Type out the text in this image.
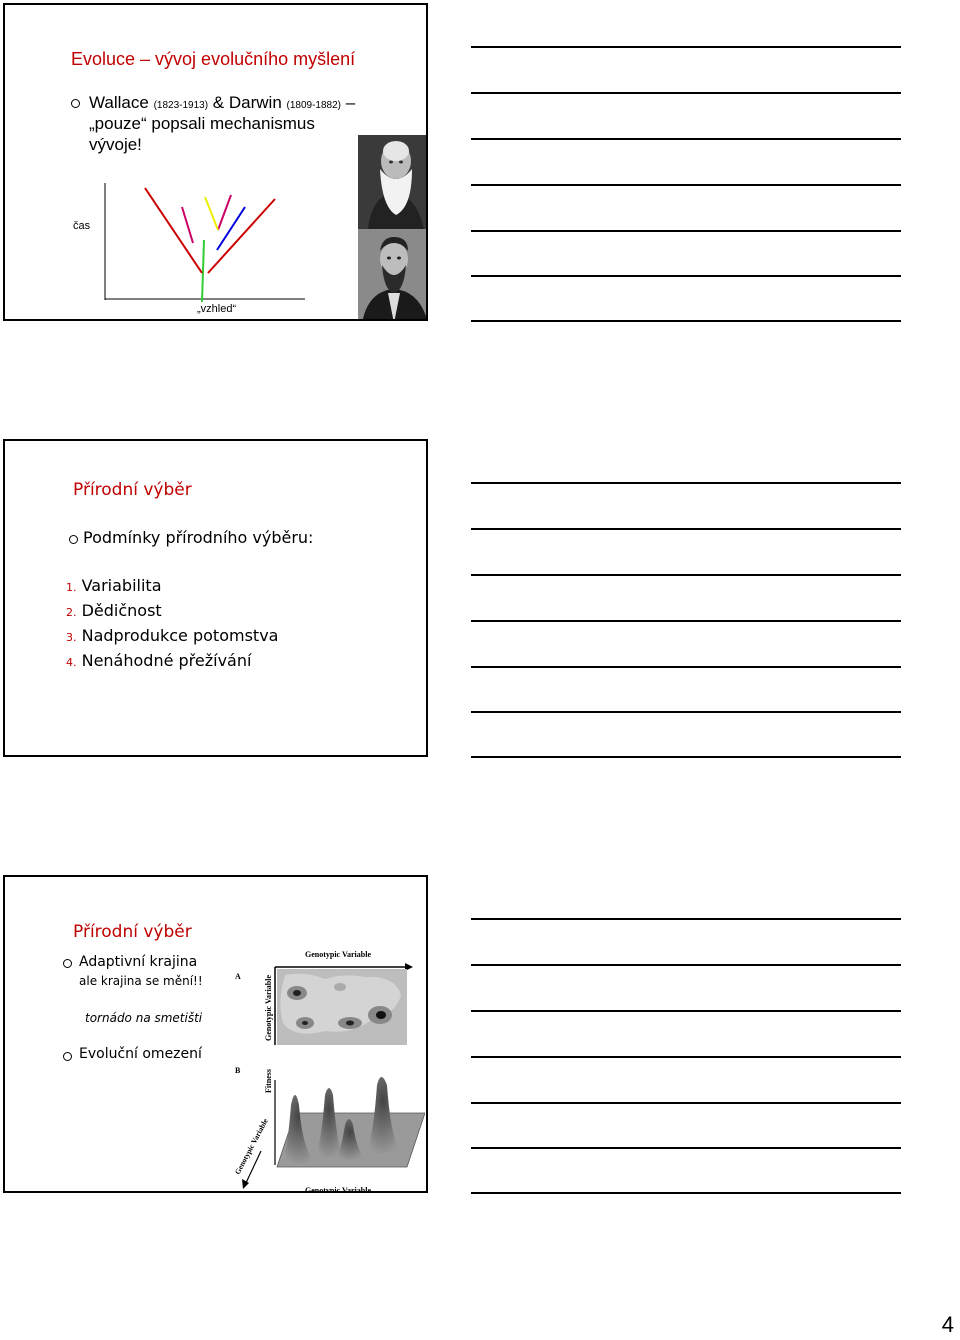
Evoluce – vývoj evolučního myšlení
Wallace (1823-1913) & Darwin (1809-1882) –
„pouze“ popsali mechanismus
vývoje!
čas
„vzhled“
Přírodní výběr
Podmínky přírodního výběru:
1. Variabilita
2. Dědičnost
3. Nadprodukce potomstva
4. Nenáhodné přežívání
Přírodní výběr
Adaptivní krajina
ale krajina se mění!!
tornádo na smetišti
Evoluční omezení
Genotypic Variable
A	Genotypic Variable
B	Fitness
Genotypic Variable
Genotypic Variable
4
